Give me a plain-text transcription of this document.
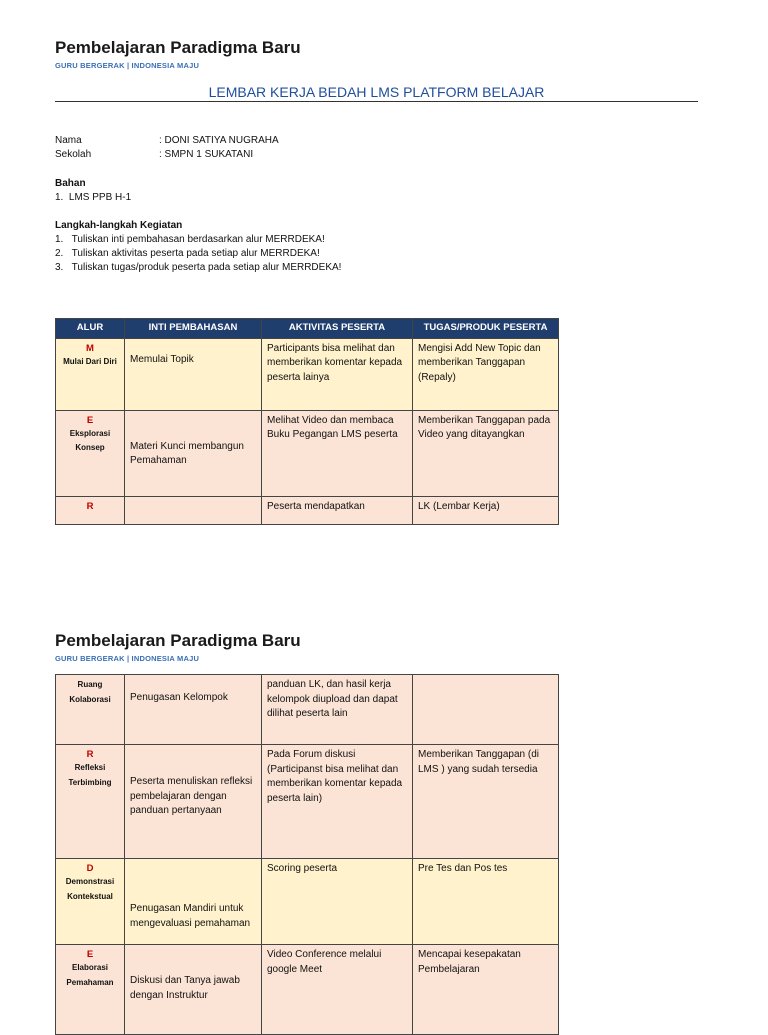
Pembelajaran Paradigma Baru
GURU BERGERAK | INDONESIA MAJU
LEMBAR KERJA BEDAH LMS PLATFORM BELAJAR
Nama	: DONI SATIYA NUGRAHA
Sekolah	: SMPN 1 SUKATANI
Bahan
1.  LMS PPB H-1
Langkah-langkah Kegiatan
1.   Tuliskan inti pembahasan berdasarkan alur MERRDEKA!
2.   Tuliskan aktivitas peserta pada setiap alur MERRDEKA!
3.   Tuliskan tugas/produk peserta pada setiap alur MERRDEKA!
ALUR	INTI PEMBAHASAN	AKTIVITAS PESERTA	TUGAS/PRODUK PESERTA

M
Mulai Dari Diri	Memulai Topik	Participants bisa melihat dan memberikan komentar kepada peserta lainya	Mengisi Add New Topic dan memberikan Tanggapan (Repaly)

E
Eksplorasi Konsep	Materi Kunci membangun Pemahaman	Melihat Video dan membaca Buku Pegangan LMS peserta	Memberikan Tanggapan pada Video yang ditayangkan

R		Peserta mendapatkan	LK (Lembar Kerja)
Pembelajaran Paradigma Baru
GURU BERGERAK | INDONESIA MAJU
Ruang Kolaborasi	Penugasan Kelompok	panduan LK, dan hasil kerja kelompok diupload dan dapat dilihat peserta lain	

R
Refleksi Terbimbing	Peserta menuliskan refleksi pembelajaran dengan panduan pertanyaan	Pada Forum diskusi (Participanst bisa melihat dan memberikan komentar kepada peserta lain)	Memberikan Tanggapan (di LMS ) yang sudah tersedia

D
Demonstrasi Kontekstual	Penugasan Mandiri untuk mengevaluasi pemahaman	Scoring peserta	Pre Tes dan Pos tes

E
Elaborasi Pemahaman	Diskusi dan Tanya jawab dengan Instruktur	Video Conference melalui google Meet	Mencapai kesepakatan Pembelajaran
